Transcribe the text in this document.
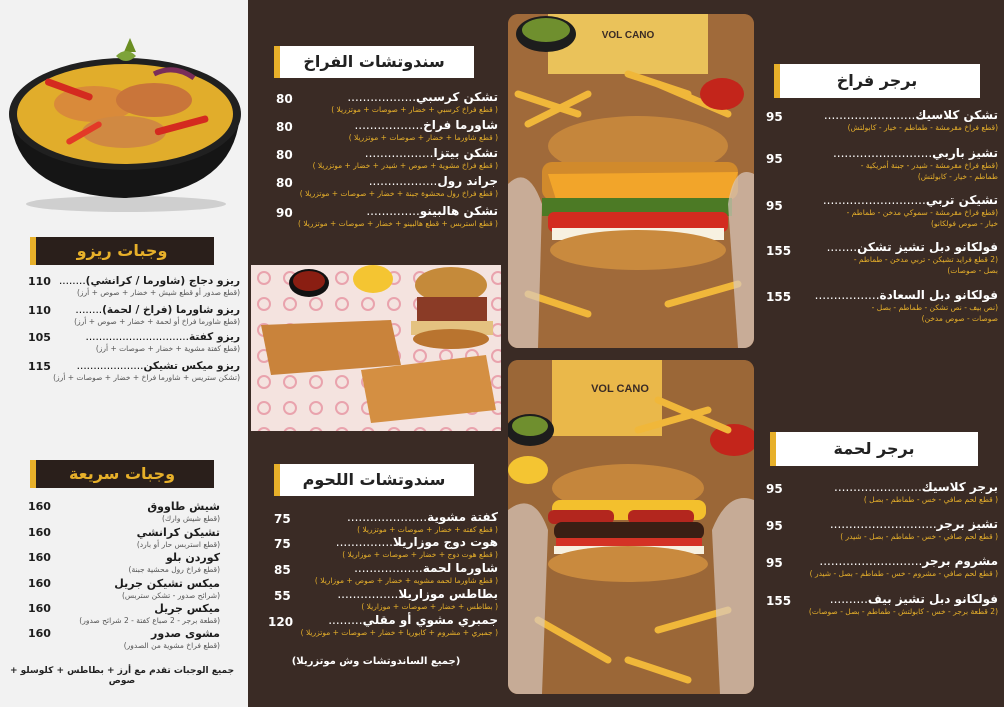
وجبات ريزو
110	ريزو دجاج (شاورما / كرانشي)........
(قطع صدور أو قطع شيش + خضار + صوص + أرز)
110	ريزو شاورما (فراخ / لحمة)........
(قطع شاورما فراخ أو لحمة + خضار + صوص + أرز)
105	ريزو كفتة...............................
(قطع كفتة مشوية + خضار + صوصات + أرز)
115	ريزو ميكس تشيكن....................
(تشكن ستريس + شاورما فراخ + خضار + صوصات + أرز)
وجبات سريعة
160	شيش طاووق
(قطع شيش وارك)
160	تشيكن كرانشي
(قطع استربس حار أو بارد)
160	كوردن بلو
(قطع فراخ رول محشية جبنة)
160	ميكس تشيكن جريل
(شرائح صدور - تشكن ستربس)
160	ميكس جريل
(قطعة برجر - 2 صباع كفتة - 2 شرائح صدور)
160	مشوى صدور
(قطع فراخ مشوية من الصدور)
جميع الوجبات تقدم مع أرز + بطاطس + كلوسلو + صوص
سندوتشات الفراخ
80	تشكن كرسبي..................
( قطع فراخ كرسبي + خضار + صوصات + موتزريلا )
80	شاورما فراخ..................
( قطع شاورما + خضار + صوصات + موتزريلا )
80	تشكن بيتزا..................
( قطع فراخ مشوية + صوص + شيدر + خضار + موتزريلا )
80	جراند رول..................
( قطع فراخ رول محشوة جبنة + خضار + صوصات + موتزريلا )
90	تشكن هالبينو..............
( قطع استربس + قطع هالبينو + خضار + صوصات + موتزريلا )
سندوتشات اللحوم
75	كفتة مشوية.....................
( قطع كفته + خضار + صوصات + موتزريلا )
75	هوت دوج موزاريلا...............
( قطع هوت دوج + خضار + صوصات + موزاريلا )
85	شاورما لحمة..................
( قطع شاورما لحمه مشويه + خضار + صوص + موزاريلا )
55	بطاطس موزاريلا................
( بطاطس + خضار + صوصات + موزاريلا )
120	جمبري مشوي أو مقلي.........
( جمبري + مشروم + كابوريا + خضار + صوصات + موتزريلا )
(جميع الساندوتشات وش موتزريلا)
VOL CANO
VOL CANO
برجر فراخ
95	تشكن كلاسيك........................
(قطع فراخ مقرمشة - طماطم - خيار - كابولتش)
95	تشيز باربي..........................
(قطع فراخ مقرمشة - شيدر - جبنة أمريكية -
طماطم - خيار - كابولتش)
95	تشيكن تربي...........................
(قطع فراخ مقرمشة - سموكي مدخن - طماطم -
خيار - صوص فولكانو)
155	فولكانو دبل تشيز تشكن........
(2 قطع فرايد تشيكن - تربي مدخن - طماطم -
بصل - صوصات)
155	فولكانو دبل السعادة.................
(نص بيف - نص تشكن - طماطم - بصل -
صوصات - صوص مدخن)
برجر لحمة
95	برجر كلاسيك.......................
( قطع لحم صافي - خس - طماطم - بصل )
95	تشيز برجر............................
( قطع لحم صافي - خس - طماطم - بصل - شيدر )
95	مشروم برجر...........................
( قطع لحم صافي - مشروم - خس - طماطم - بصل - شيدر )
155	فولكانو دبل تشيز بيف..........
(2 قطعة برجر - خس - كابولتش - طماطم - بصل - صوصات)
